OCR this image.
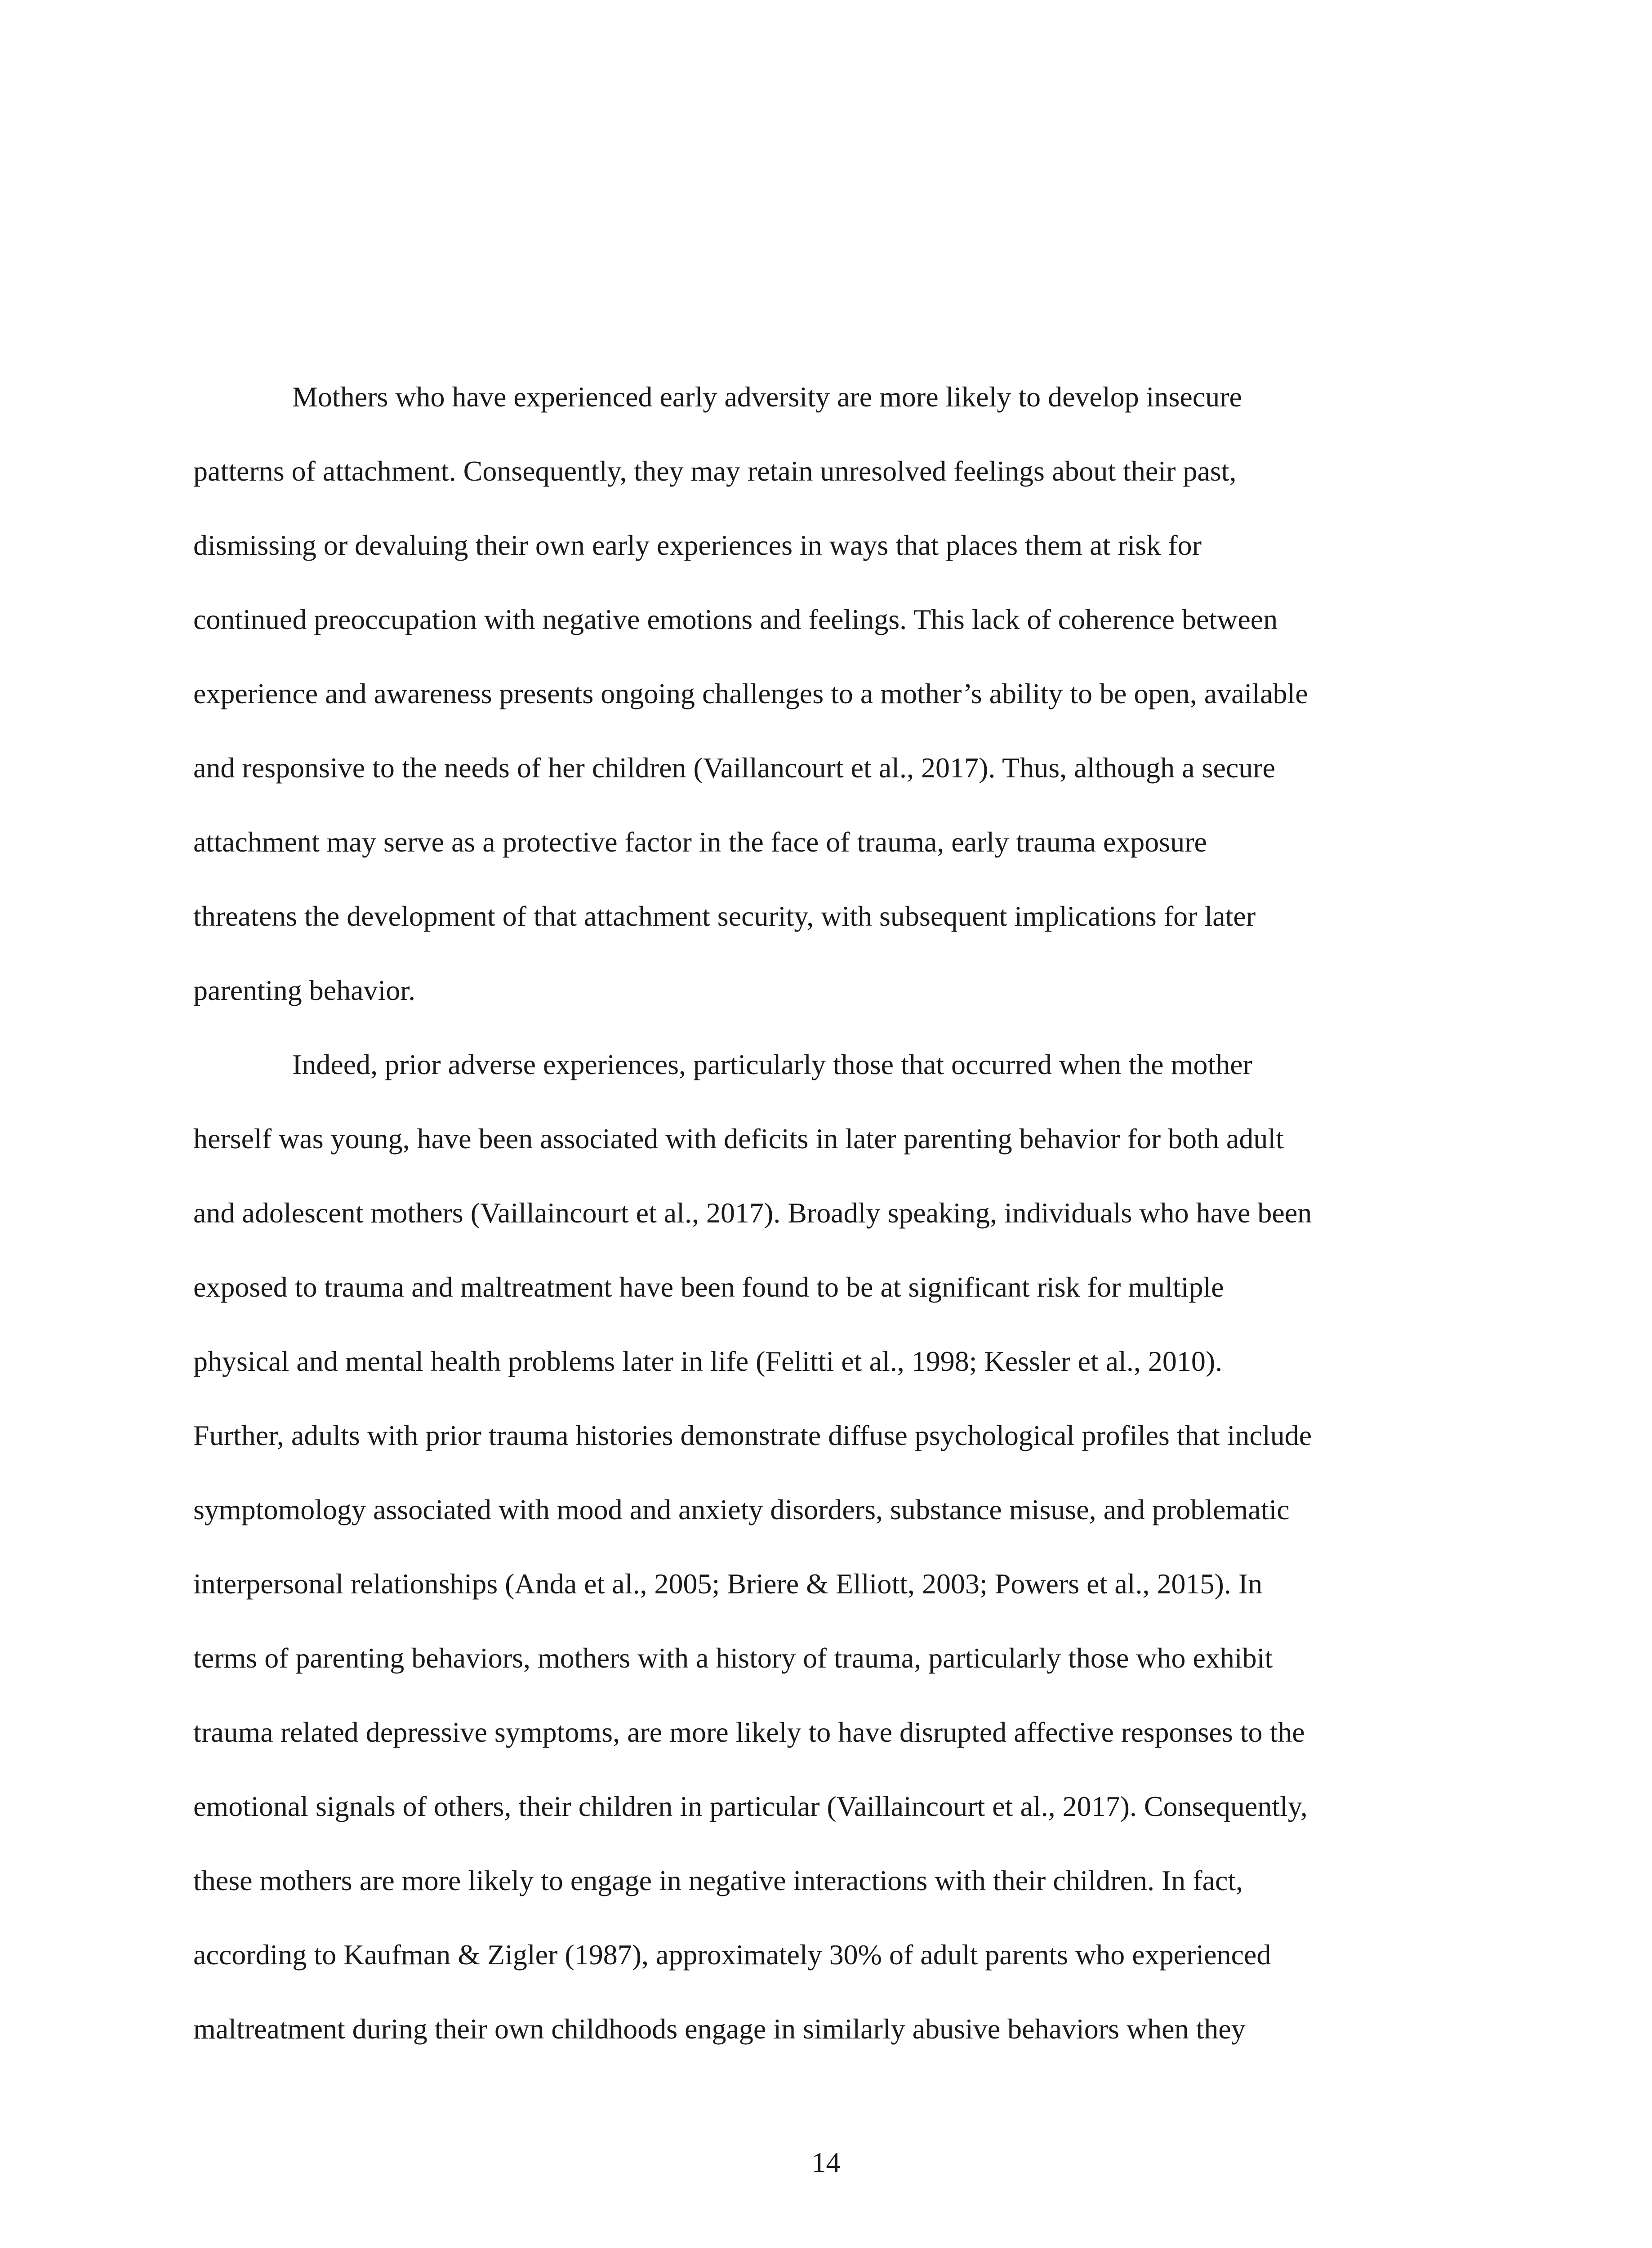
Mothers who have experienced early adversity are more likely to develop insecure
patterns of attachment. Consequently, they may retain unresolved feelings about their past,
dismissing or devaluing their own early experiences in ways that places them at risk for
continued preoccupation with negative emotions and feelings. This lack of coherence between
experience and awareness presents ongoing challenges to a mother’s ability to be open, available
and responsive to the needs of her children (Vaillancourt et al., 2017). Thus, although a secure
attachment may serve as a protective factor in the face of trauma, early trauma exposure
threatens the development of that attachment security, with subsequent implications for later
parenting behavior.

Indeed, prior adverse experiences, particularly those that occurred when the mother
herself was young, have been associated with deficits in later parenting behavior for both adult
and adolescent mothers (Vaillaincourt et al., 2017). Broadly speaking, individuals who have been
exposed to trauma and maltreatment have been found to be at significant risk for multiple
physical and mental health problems later in life (Felitti et al., 1998; Kessler et al., 2010).
Further, adults with prior trauma histories demonstrate diffuse psychological profiles that include
symptomology associated with mood and anxiety disorders, substance misuse, and problematic
interpersonal relationships (Anda et al., 2005; Briere & Elliott, 2003; Powers et al., 2015). In
terms of parenting behaviors, mothers with a history of trauma, particularly those who exhibit
trauma related depressive symptoms, are more likely to have disrupted affective responses to the
emotional signals of others, their children in particular (Vaillaincourt et al., 2017). Consequently,
these mothers are more likely to engage in negative interactions with their children. In fact,
according to Kaufman & Zigler (1987), approximately 30% of adult parents who experienced
maltreatment during their own childhoods engage in similarly abusive behaviors when they

14
